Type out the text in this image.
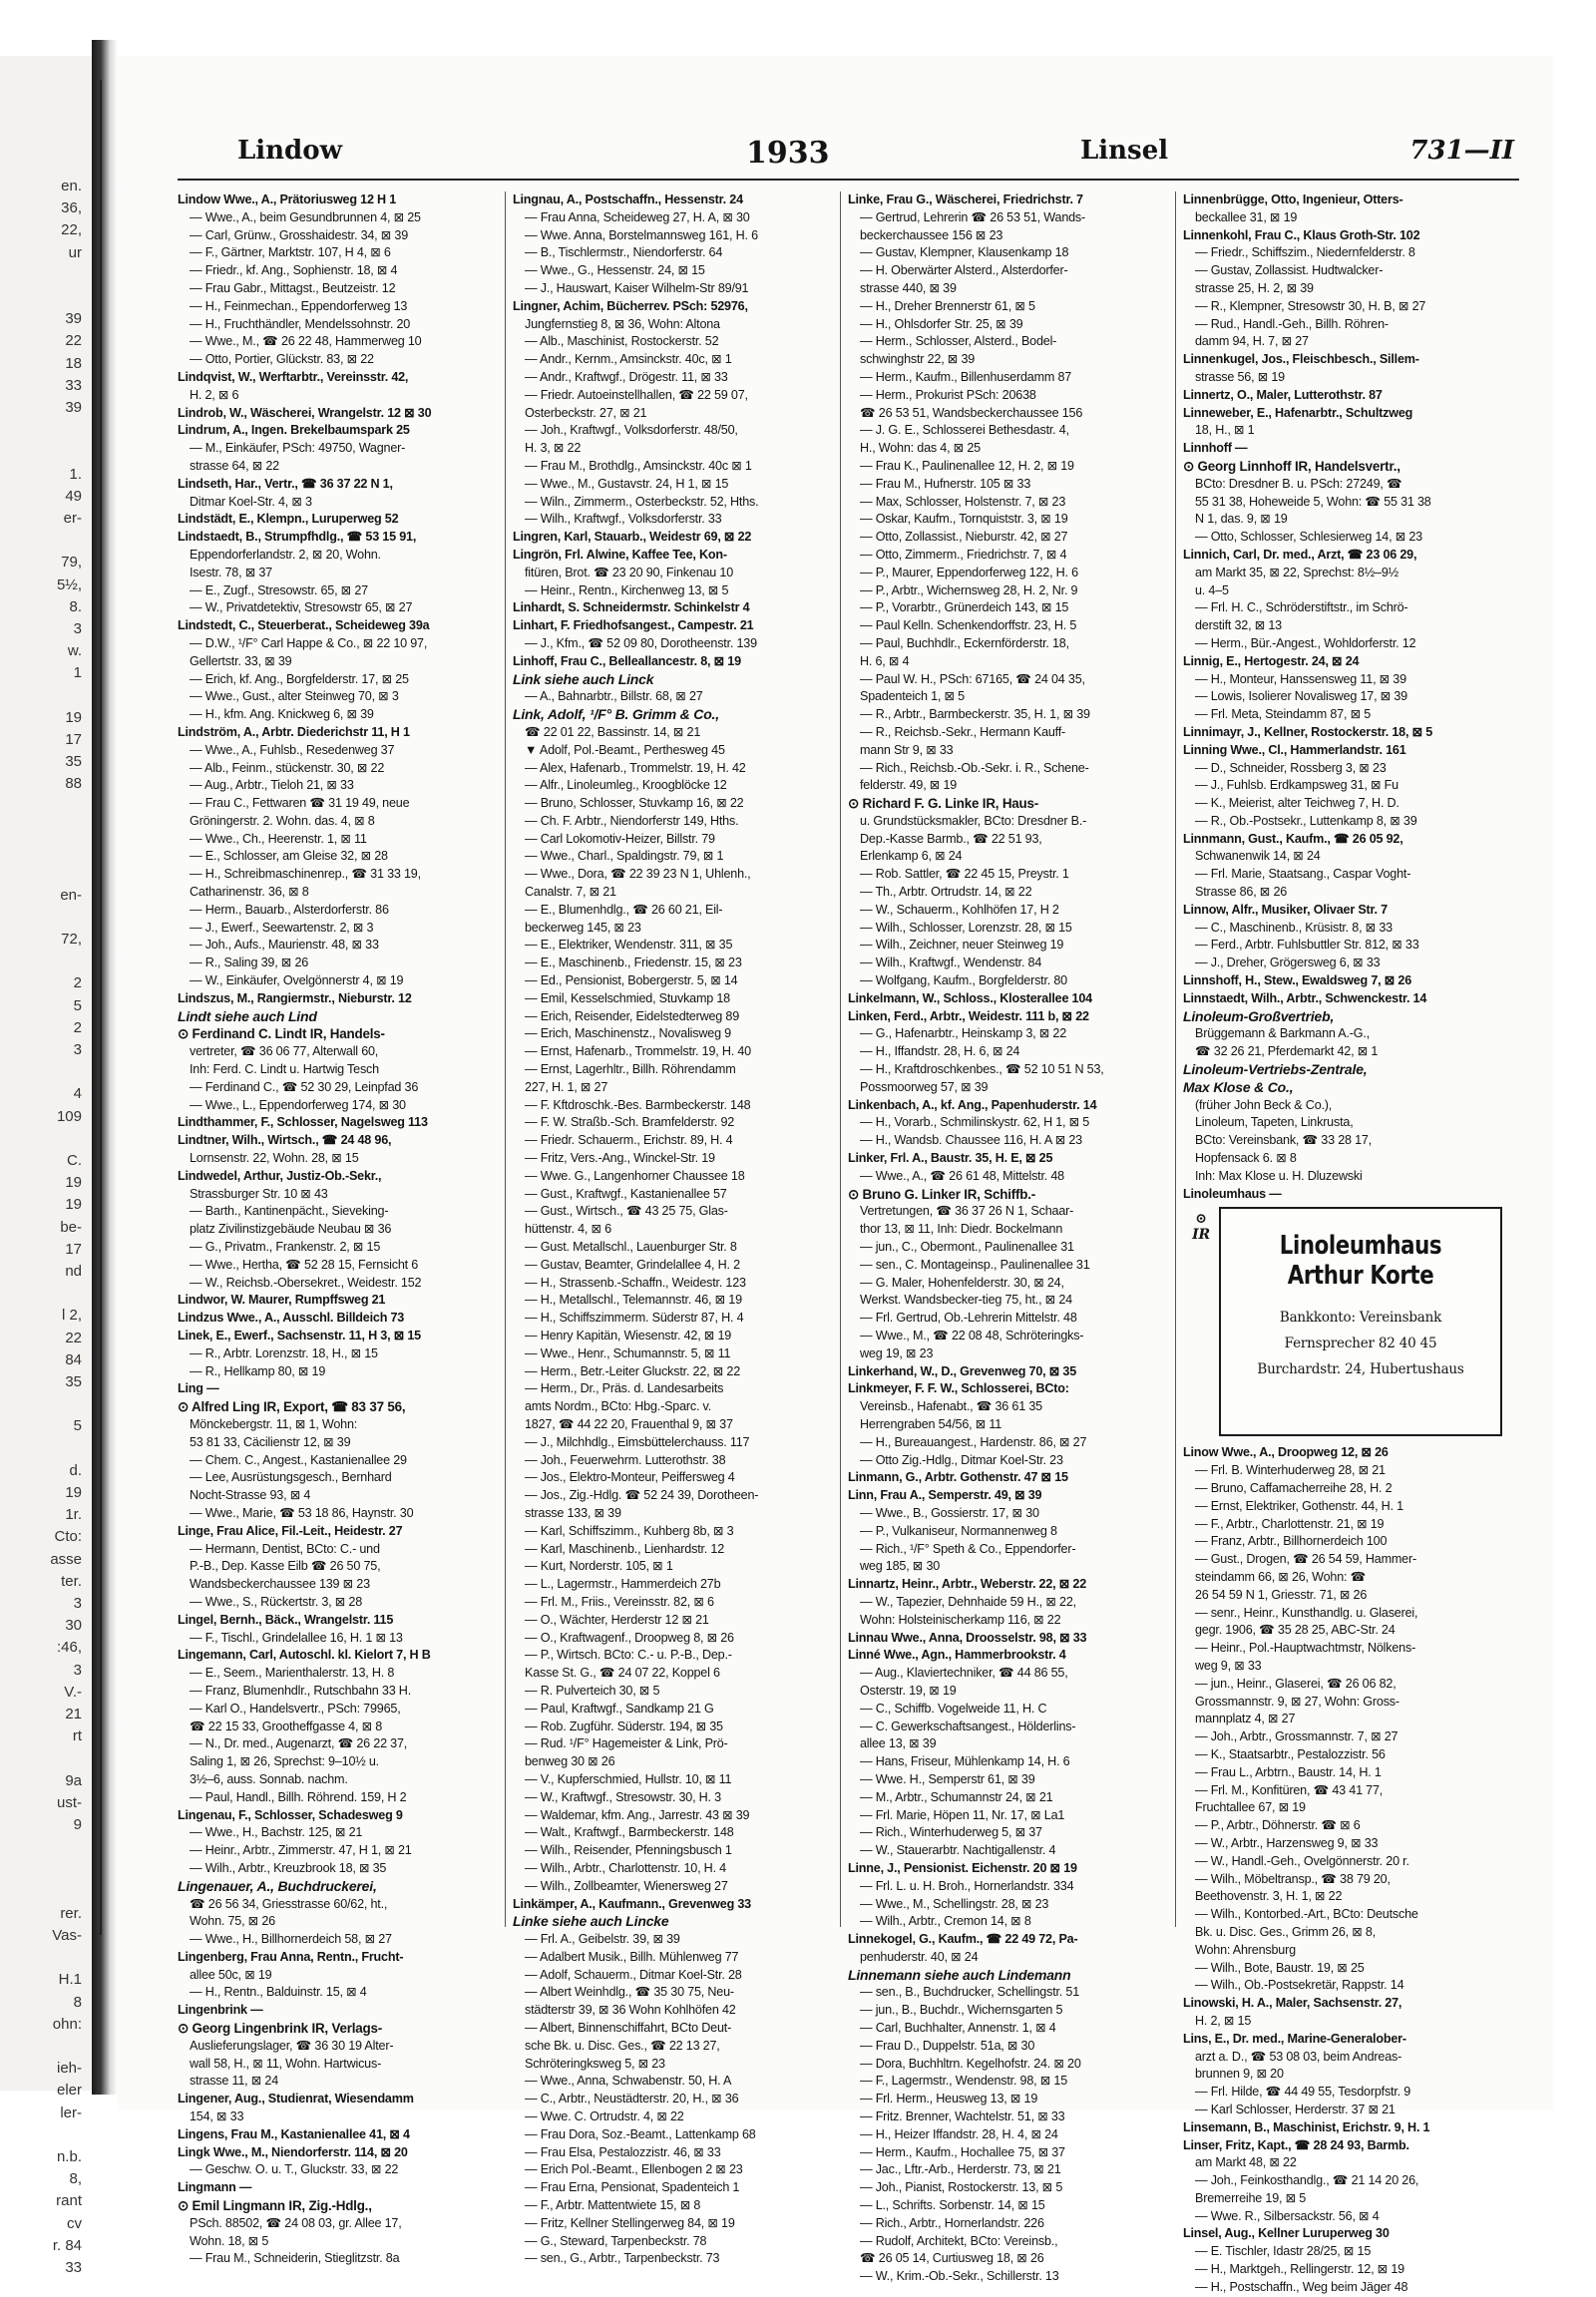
en.
36,
22,
ur

39
22
18
33
39

1.
49
er-

79,
5½,
8.
3
w.
1

19
17
35
88

en-

72,

2
5
2
3

4
109

C.
19
19
be-
17
nd

l 2,
22
84
35

5

d.
19
1r.
Cto:
asse
ter.
3
30
:46,
3
V.-
21
rt

9a
ust-
9

rer.
Vas-

H.1
8
ohn:

ieh-
eler
ler-

n.b.
8,
rant
cv
r. 84
33
Lindow	1933	Linsel	731—II
Lindow Wwe., A., Prätoriusweg 12 H 1
— Wwe., A., beim Gesundbrunnen 4, ⊠ 25
— Carl, Grünw., Grosshaidestr. 34, ⊠ 39
— F., Gärtner, Marktstr. 107, H 4, ⊠ 6
— Friedr., kf. Ang., Sophienstr. 18, ⊠ 4
— Frau Gabr., Mittagst., Beutzeistr. 12
— H., Feinmechan., Eppendorferweg 13
— H., Fruchthändler, Mendelssohnstr. 20
— Wwe., M., ☎ 26 22 48, Hammerweg 10
— Otto, Portier, Glückstr. 83, ⊠ 22
Lindqvist, W., Werftarbtr., Vereinsstr. 42,
H. 2, ⊠ 6
Lindrob, W., Wäscherei, Wrangelstr. 12 ⊠ 30
Lindrum, A., Ingen. Brekelbaumspark 25
— M., Einkäufer, PSch: 49750, Wagner-
strasse 64, ⊠ 22
Lindseth, Har., Vertr., ☎ 36 37 22 N 1,
Ditmar Koel-Str. 4, ⊠ 3
Lindstädt, E., Klempn., Luruperweg 52
Lindstaedt, B., Strumpfhdlg., ☎ 53 15 91,
Eppendorferlandstr. 2, ⊠ 20, Wohn.
Isestr. 78, ⊠ 37
— E., Zugf., Stresowstr. 65, ⊠ 27
— W., Privatdetektiv, Stresowstr 65, ⊠ 27
Lindstedt, C., Steuerberat., Scheideweg 39a
— D.W., ¹/F° Carl Happe & Co., ⊠ 22 10 97,
Gellertstr. 33, ⊠ 39
— Erich, kf. Ang., Borgfelderstr. 17, ⊠ 25
— Wwe., Gust., alter Steinweg 70, ⊠ 3
— H., kfm. Ang. Knickweg 6, ⊠ 39
Lindström, A., Arbtr. Diederichstr 11, H 1
— Wwe., A., Fuhlsb., Resedenweg 37
— Alb., Feinm., stückenstr. 30, ⊠ 22
— Aug., Arbtr., Tieloh 21, ⊠ 33
— Frau C., Fettwaren ☎ 31 19 49, neue
Gröningerstr. 2. Wohn. das. 4, ⊠ 8
— Wwe., Ch., Heerenstr. 1, ⊠ 11
— E., Schlosser, am Gleise 32, ⊠ 28
— H., Schreibmaschinenrep., ☎ 31 33 19,
Catharinenstr. 36, ⊠ 8
— Herm., Bauarb., Alsterdorferstr. 86
— J., Ewerf., Seewartenstr. 2, ⊠ 3
— Joh., Aufs., Maurienstr. 48, ⊠ 33
— R., Saling 39, ⊠ 26
— W., Einkäufer, Ovelgönnerstr 4, ⊠ 19
Lindszus, M., Rangiermstr., Nieburstr. 12
Lindt siehe auch Lind
⊙ Ferdinand C. Lindt IR, Handels-
vertreter, ☎ 36 06 77, Alterwall 60,
Inh: Ferd. C. Lindt u. Hartwig Tesch
— Ferdinand C., ☎ 52 30 29, Leinpfad 36
— Wwe., L., Eppendorferweg 174, ⊠ 30
Lindthammer, F., Schlosser, Nagelsweg 113
Lindtner, Wilh., Wirtsch., ☎ 24 48 96,
Lornsenstr. 22, Wohn. 28, ⊠ 15
Lindwedel, Arthur, Justiz-Ob.-Sekr.,
Strassburger Str. 10 ⊠ 43
— Barth., Kantinenpächt., Sieveking-
platz Zivilinstizgebäude Neubau ⊠ 36
— G., Privatm., Frankenstr. 2, ⊠ 15
— Wwe., Hertha, ☎ 52 28 15, Fernsicht 6
— W., Reichsb.-Obersekret., Weidestr. 152
Lindwor, W. Maurer, Rumpffsweg 21
Lindzus Wwe., A., Ausschl. Billdeich 73
Linek, E., Ewerf., Sachsenstr. 11, H 3, ⊠ 15
— R., Arbtr. Lorenzstr. 18, H., ⊠ 15
— R., Hellkamp 80, ⊠ 19
Ling —
⊙ Alfred Ling IR, Export, ☎ 83 37 56,
Mönckebergstr. 11, ⊠ 1, Wohn:
53 81 33, Cäcilienstr 12, ⊠ 39
— Chem. C., Angest., Kastanienallee 29
— Lee, Ausrüstungsgesch., Bernhard
Nocht-Strasse 93, ⊠ 4
— Wwe., Marie, ☎ 53 18 86, Haynstr. 30
Linge, Frau Alice, Fil.-Leit., Heidestr. 27
— Hermann, Dentist, BCto: C.- und
P.-B., Dep. Kasse Eilb ☎ 26 50 75,
Wandsbeckerchaussee 139 ⊠ 23
— Wwe., S., Rückertstr. 3, ⊠ 28
Lingel, Bernh., Bäck., Wrangelstr. 115
— F., Tischl., Grindelallee 16, H. 1 ⊠ 13
Lingemann, Carl, Autoschl. kl. Kielort 7, H B
— E., Seem., Marienthalerstr. 13, H. 8
— Franz, Blumenhdlr., Rutschbahn 33 H.
— Karl O., Handelsvertr., PSch: 79965,
☎ 22 15 33, Grootheffgasse 4, ⊠ 8
— N., Dr. med., Augenarzt, ☎ 26 22 37,
Saling 1, ⊠ 26, Sprechst: 9–10½ u.
3½–6, auss. Sonnab. nachm.
— Paul, Handl., Billh. Röhrend. 159, H 2
Lingenau, F., Schlosser, Schadesweg 9
— Wwe., H., Bachstr. 125, ⊠ 21
— Heinr., Arbtr., Zimmerstr. 47, H 1, ⊠ 21
— Wilh., Arbtr., Kreuzbrook 18, ⊠ 35
Lingenauer, A., Buchdruckerei,
☎ 26 56 34, Griesstrasse 60/62, ht.,
Wohn. 75, ⊠ 26
— Wwe., H., Billhornerdeich 58, ⊠ 27
Lingenberg, Frau Anna, Rentn., Frucht-
allee 50c, ⊠ 19
— H., Rentn., Balduinstr. 15, ⊠ 4
Lingenbrink —
⊙ Georg Lingenbrink IR, Verlags-
Auslieferungslager, ☎ 36 30 19 Alter-
wall 58, H., ⊠ 11, Wohn. Hartwicus-
strasse 11, ⊠ 24
Lingener, Aug., Studienrat, Wiesendamm
154, ⊠ 33
Lingens, Frau M., Kastanienallee 41, ⊠ 4
Lingk Wwe., M., Niendorferstr. 114, ⊠ 20
— Geschw. O. u. T., Gluckstr. 33, ⊠ 22
Lingmann —
⊙ Emil Lingmann IR, Zig.-Hdlg.,
PSch. 88502, ☎ 24 08 03, gr. Allee 17,
Wohn. 18, ⊠ 5
— Frau M., Schneiderin, Stieglitzstr. 8a
Lingnau, A., Postschaffn., Hessenstr. 24
— Frau Anna, Scheideweg 27, H. A, ⊠ 30
— Wwe. Anna, Borstelmannsweg 161, H. 6
— B., Tischlermstr., Niendorferstr. 64
— Wwe., G., Hessenstr. 24, ⊠ 15
— J., Hauswart, Kaiser Wilhelm-Str 89/91
Lingner, Achim, Bücherrev. PSch: 52976,
Jungfernstieg 8, ⊠ 36, Wohn: Altona
— Alb., Maschinist, Rostockerstr. 52
— Andr., Kernm., Amsinckstr. 40c, ⊠ 1
— Andr., Kraftwgf., Drögestr. 11, ⊠ 33
— Friedr. Autoeinstellhallen, ☎ 22 59 07,
Osterbeckstr. 27, ⊠ 21
— Joh., Kraftwgf., Volksdorferstr. 48/50,
H. 3, ⊠ 22
— Frau M., Brothdlg., Amsinckstr. 40c ⊠ 1
— Wwe., M., Gustavstr. 24, H 1, ⊠ 15
— Wiln., Zimmerm., Osterbeckstr. 52, Hths.
— Wilh., Kraftwgf., Volksdorferstr. 33
Lingren, Karl, Stauarb., Weidestr 69, ⊠ 22
Lingrön, Frl. Alwine, Kaffee Tee, Kon-
fitüren, Brot. ☎ 23 20 90, Finkenau 10
— Heinr., Rentn., Kirchenweg 13, ⊠ 5
Linhardt, S. Schneidermstr. Schinkelstr 4
Linhart, F. Friedhofsangest., Campestr. 21
— J., Kfm., ☎ 52 09 80, Dorotheenstr. 139
Linhoff, Frau C., Belleallancestr. 8, ⊠ 19
Link siehe auch Linck
— A., Bahnarbtr., Billstr. 68, ⊠ 27
Link, Adolf, ¹/F° B. Grimm & Co.,
☎ 22 01 22, Bassinstr. 14, ⊠ 21
▼ Adolf, Pol.-Beamt., Perthesweg 45
— Alex, Hafenarb., Trommelstr. 19, H. 42
— Alfr., Linoleumleg., Kroogblöcke 12
— Bruno, Schlosser, Stuvkamp 16, ⊠ 22
— Ch. F. Arbtr., Niendorferstr 149, Hths.
— Carl Lokomotiv-Heizer, Billstr. 79
— Wwe., Charl., Spaldingstr. 79, ⊠ 1
— Wwe., Dora, ☎ 22 39 23 N 1, Uhlenh.,
Canalstr. 7, ⊠ 21
— E., Blumenhdlg., ☎ 26 60 21, Eil-
beckerweg 145, ⊠ 23
— E., Elektriker, Wendenstr. 311, ⊠ 35
— E., Maschinenb., Friedenstr. 15, ⊠ 23
— Ed., Pensionist, Bobergerstr. 5, ⊠ 14
— Emil, Kesselschmied, Stuvkamp 18
— Erich, Reisender, Eidelstedterweg 89
— Erich, Maschinenstz., Novalisweg 9
— Ernst, Hafenarb., Trommelstr. 19, H. 40
— Ernst, Lagerhltr., Billh. Röhrendamm
227, H. 1, ⊠ 27
— F. Kftdroschk.-Bes. Barmbeckerstr. 148
— F. W. Straßb.-Sch. Bramfelderstr. 92
— Friedr. Schauerm., Erichstr. 89, H. 4
— Fritz, Vers.-Ang., Winckel-Str. 19
— Wwe. G., Langenhorner Chaussee 18
— Gust., Kraftwgf., Kastanienallee 57
— Gust., Wirtsch., ☎ 43 25 75, Glas-
hüttenstr. 4, ⊠ 6
— Gust. Metallschl., Lauenburger Str. 8
— Gustav, Beamter, Grindelallee 4, H. 2
— H., Strassenb.-Schaffn., Weidestr. 123
— H., Metallschl., Telemannstr. 46, ⊠ 19
— H., Schiffszimmerm. Süderstr 87, H. 4
— Henry Kapitän, Wiesenstr. 42, ⊠ 19
— Wwe., Henr., Schumannstr. 5, ⊠ 11
— Herm., Betr.-Leiter Gluckstr. 22, ⊠ 22
— Herm., Dr., Präs. d. Landesarbeits
amts Nordm., BCto: Hbg.-Sparc. v.
1827, ☎ 44 22 20, Frauenthal 9, ⊠ 37
— J., Milchhdlg., Eimsbüttelerchauss. 117
— Joh., Feuerwehrm. Lutterothstr. 38
— Jos., Elektro-Monteur, Peiffersweg 4
— Jos., Zig.-Hdlg. ☎ 52 24 39, Dorotheen-
strasse 133, ⊠ 39
— Karl, Schiffszimm., Kuhberg 8b, ⊠ 3
— Karl, Maschinenb., Lienhardstr. 12
— Kurt, Norderstr. 105, ⊠ 1
— L., Lagermstr., Hammerdeich 27b
— Frl. M., Friis., Vereinsstr. 82, ⊠ 6
— O., Wächter, Herderstr 12 ⊠ 21
— O., Kraftwagenf., Droopweg 8, ⊠ 26
— P., Wirtsch. BCto: C.- u. P.-B., Dep.-
Kasse St. G., ☎ 24 07 22, Koppel 6
— R. Pulverteich 30, ⊠ 5
— Paul, Kraftwgf., Sandkamp 21 G
— Rob. Zugführ. Süderstr. 194, ⊠ 35
— Rud. ¹/F° Hagemeister & Link, Prö-
benweg 30 ⊠ 26
— V., Kupferschmied, Hullstr. 10, ⊠ 11
— W., Kraftwgf., Stresowstr. 30, H. 3
— Waldemar, kfm. Ang., Jarrestr. 43 ⊠ 39
— Walt., Kraftwgf., Barmbeckerstr. 148
— Wilh., Reisender, Pfenningsbusch 1
— Wilh., Arbtr., Charlottenstr. 10, H. 4
— Wilh., Zollbeamter, Wienersweg 27
Linkämper, A., Kaufmann., Grevenweg 33
Linke siehe auch Lincke
— Frl. A., Geibelstr. 39, ⊠ 39
— Adalbert Musik., Billh. Mühlenweg 77
— Adolf, Schauerm., Ditmar Koel-Str. 28
— Albert Weinhdlg., ☎ 35 30 75, Neu-
städterstr 39, ⊠ 36 Wohn Kohlhöfen 42
— Albert, Binnenschiffahrt, BCto Deut-
sche Bk. u. Disc. Ges., ☎ 22 13 27,
Schröteringksweg 5, ⊠ 23
— Wwe., Anna, Schwabenstr. 50, H. A
— C., Arbtr., Neustädterstr. 20, H., ⊠ 36
— Wwe. C. Ortrudstr. 4, ⊠ 22
— Frau Dora, Soz.-Beamt., Lattenkamp 68
— Frau Elsa, Pestalozzistr. 46, ⊠ 33
— Erich Pol.-Beamt., Ellenbogen 2 ⊠ 23
— Frau Erna, Pensionat, Spadenteich 1
— F., Arbtr. Mattentwiete 15, ⊠ 8
— Fritz, Kellner Stellingerweg 84, ⊠ 19
— G., Steward, Tarpenbeckstr. 78
— sen., G., Arbtr., Tarpenbeckstr. 73
Linke, Frau G., Wäscherei, Friedrichstr. 7
— Gertrud, Lehrerin ☎ 26 53 51, Wands-
beckerchaussee 156 ⊠ 23
— Gustav, Klempner, Klausenkamp 18
— H. Oberwärter Alsterd., Alsterdorfer-
strasse 440, ⊠ 39
— H., Dreher Brennerstr 61, ⊠ 5
— H., Ohlsdorfer Str. 25, ⊠ 39
— Herm., Schlosser, Alsterd., Bodel-
schwinghstr 22, ⊠ 39
— Herm., Kaufm., Billenhuserdamm 87
— Herm., Prokurist PSch: 20638
☎ 26 53 51, Wandsbeckerchaussee 156
— J. G. E., Schlosserei Bethesdastr. 4,
H., Wohn: das 4, ⊠ 25
— Frau K., Paulinenallee 12, H. 2, ⊠ 19
— Frau M., Hufnerstr. 105 ⊠ 33
— Max, Schlosser, Holstenstr. 7, ⊠ 23
— Oskar, Kaufm., Tornquiststr. 3, ⊠ 19
— Otto, Zollassist., Nieburstr. 42, ⊠ 27
— Otto, Zimmerm., Friedrichstr. 7, ⊠ 4
— P., Maurer, Eppendorferweg 122, H. 6
— P., Arbtr., Wichernsweg 28, H. 2, Nr. 9
— P., Vorarbtr., Grünerdeich 143, ⊠ 15
— Paul Kelln. Schenkendorffstr. 23, H. 5
— Paul, Buchhdlr., Eckernförderstr. 18,
H. 6, ⊠ 4
— Paul W. H., PSch: 67165, ☎ 24 04 35,
Spadenteich 1, ⊠ 5
— R., Arbtr., Barmbeckerstr. 35, H. 1, ⊠ 39
— R., Reichsb.-Sekr., Hermann Kauff-
mann Str 9, ⊠ 33
— Rich., Reichsb.-Ob.-Sekr. i. R., Schene-
felderstr. 49, ⊠ 19
⊙ Richard F. G. Linke IR, Haus-
u. Grundstücksmakler, BCto: Dresdner B.-
Dep.-Kasse Barmb., ☎ 22 51 93,
Erlenkamp 6, ⊠ 24
— Rob. Sattler, ☎ 22 45 15, Preystr. 1
— Th., Arbtr. Ortrudstr. 14, ⊠ 22
— W., Schauerm., Kohlhöfen 17, H 2
— Wilh., Schlosser, Lorenzstr. 28, ⊠ 15
— Wilh., Zeichner, neuer Steinweg 19
— Wilh., Kraftwgf., Wendenstr. 84
— Wolfgang, Kaufm., Borgfelderstr. 80
Linkelmann, W., Schloss., Klosterallee 104
Linken, Ferd., Arbtr., Weidestr. 111 b, ⊠ 22
— G., Hafenarbtr., Heinskamp 3, ⊠ 22
— H., Iffandstr. 28, H. 6, ⊠ 24
— H., Kraftdroschkenbes., ☎ 52 10 51 N 53,
Possmoorweg 57, ⊠ 39
Linkenbach, A., kf. Ang., Papenhuderstr. 14
— H., Vorarb., Schmilinskystr. 62, H 1, ⊠ 5
— H., Wandsb. Chaussee 116, H. A ⊠ 23
Linker, Frl. A., Baustr. 35, H. E, ⊠ 25
— Wwe., A., ☎ 26 61 48, Mittelstr. 48
⊙ Bruno G. Linker IR, Schiffb.-
Vertretungen, ☎ 36 37 26 N 1, Schaar-
thor 13, ⊠ 11, Inh: Diedr. Bockelmann
— jun., C., Obermont., Paulinenallee 31
— sen., C. Montageinsp., Paulinenallee 31
— G. Maler, Hohenfelderstr. 30, ⊠ 24,
Werkst. Wandsbecker-tieg 75, ht., ⊠ 24
— Frl. Gertrud, Ob.-Lehrerin Mittelstr. 48
— Wwe., M., ☎ 22 08 48, Schröteringks-
weg 19, ⊠ 23
Linkerhand, W., D., Grevenweg 70, ⊠ 35
Linkmeyer, F. F. W., Schlosserei, BCto:
Vereinsb., Hafenabt., ☎ 36 61 35
Herrengraben 54/56, ⊠ 11
— H., Bureauangest., Hardenstr. 86, ⊠ 27
— Otto Zig.-Hdlg., Ditmar Koel-Str. 23
Linmann, G., Arbtr. Gothenstr. 47 ⊠ 15
Linn, Frau A., Semperstr. 49, ⊠ 39
— Wwe., B., Gossierstr. 17, ⊠ 30
— P., Vulkaniseur, Normannenweg 8
— Rich., ¹/F° Speth & Co., Eppendorfer-
weg 185, ⊠ 30
Linnartz, Heinr., Arbtr., Weberstr. 22, ⊠ 22
— W., Tapezier, Dehnhaide 59 H., ⊠ 22,
Wohn: Holsteinischerkamp 116, ⊠ 22
Linnau Wwe., Anna, Droosselstr. 98, ⊠ 33
Linné Wwe., Agn., Hammerbrookstr. 4
— Aug., Klaviertechniker, ☎ 44 86 55,
Osterstr. 19, ⊠ 19
— C., Schiffb. Vogelweide 11, H. C
— C. Gewerkschaftsangest., Hölderlins-
allee 13, ⊠ 39
— Hans, Friseur, Mühlenkamp 14, H. 6
— Wwe. H., Semperstr 61, ⊠ 39
— M., Arbtr., Schumannstr 24, ⊠ 21
— Frl. Marie, Höpen 11, Nr. 17, ⊠ La1
— Rich., Winterhuderweg 5, ⊠ 37
— W., Stauerarbtr. Nachtigallenstr. 4
Linne, J., Pensionist. Eichenstr. 20 ⊠ 19
— Frl. L. u. H. Broh., Hornerlandstr. 334
— Wwe., M., Schellingstr. 28, ⊠ 23
— Wilh., Arbtr., Cremon 14, ⊠ 8
Linnekogel, G., Kaufm., ☎ 22 49 72, Pa-
penhuderstr. 40, ⊠ 24
Linnemann siehe auch Lindemann
— sen., B., Buchdrucker, Schellingstr. 51
— jun., B., Buchdr., Wichernsgarten 5
— Carl, Buchhalter, Annenstr. 1, ⊠ 4
— Frau D., Duppelstr. 51a, ⊠ 30
— Dora, Buchhltrn. Kegelhofstr. 24. ⊠ 20
— F., Lagermstr., Wendenstr. 98, ⊠ 15
— Frl. Herm., Heusweg 13, ⊠ 19
— Fritz. Brenner, Wachtelstr. 51, ⊠ 33
— H., Heizer Iffandstr. 28, H. 4, ⊠ 24
— Herm., Kaufm., Hochallee 75, ⊠ 37
— Jac., Lftr.-Arb., Herderstr. 73, ⊠ 21
— Joh., Pianist, Rostockerstr. 13, ⊠ 5
— L., Schrifts. Sorbenstr. 14, ⊠ 15
— Rich., Arbtr., Hornerlandstr. 226
— Rudolf, Architekt, BCto: Vereinsb.,
☎ 26 05 14, Curtiusweg 18, ⊠ 26
— W., Krim.-Ob.-Sekr., Schillerstr. 13
Linnenbrügge, Otto, Ingenieur, Otters-
beckallee 31, ⊠ 19
Linnenkohl, Frau C., Klaus Groth-Str. 102
— Friedr., Schiffszim., Niedernfelderstr. 8
— Gustav, Zollassist. Hudtwalcker-
strasse 25, H. 2, ⊠ 39
— R., Klempner, Stresowstr 30, H. B, ⊠ 27
— Rud., Handl.-Geh., Billh. Röhren-
damm 94, H. 7, ⊠ 27
Linnenkugel, Jos., Fleischbesch., Sillem-
strasse 56, ⊠ 19
Linnertz, O., Maler, Lutterothstr. 87
Linneweber, E., Hafenarbtr., Schultzweg
18, H., ⊠ 1
Linnhoff —
⊙ Georg Linnhoff IR, Handelsvertr.,
BCto: Dresdner B. u. PSch: 27249, ☎
55 31 38, Hoheweide 5, Wohn: ☎ 55 31 38
N 1, das. 9, ⊠ 19
— Otto, Schlosser, Schlesierweg 14, ⊠ 23
Linnich, Carl, Dr. med., Arzt, ☎ 23 06 29,
am Markt 35, ⊠ 22, Sprechst: 8½–9½
u. 4–5
— Frl. H. C., Schröderstiftstr., im Schrö-
derstift 32, ⊠ 13
— Herm., Bür.-Angest., Wohldorferstr. 12
Linnig, E., Hertogestr. 24, ⊠ 24
— H., Monteur, Hanssensweg 11, ⊠ 39
— Lowis, Isolierer Novalisweg 17, ⊠ 39
— Frl. Meta, Steindamm 87, ⊠ 5
Linnimayr, J., Kellner, Rostockerstr. 18, ⊠ 5
Linning Wwe., Cl., Hammerlandstr. 161
— D., Schneider, Rossberg 3, ⊠ 23
— J., Fuhlsb. Erdkampsweg 31, ⊠ Fu
— K., Meierist, alter Teichweg 7, H. D.
— R., Ob.-Postsekr., Luttenkamp 8, ⊠ 39
Linnmann, Gust., Kaufm., ☎ 26 05 92,
Schwanenwik 14, ⊠ 24
— Frl. Marie, Staatsang., Caspar Voght-
Strasse 86, ⊠ 26
Linnow, Alfr., Musiker, Olivaer Str. 7
— C., Maschinenb., Krüsistr. 8, ⊠ 33
— Ferd., Arbtr. Fuhlsbuttler Str. 812, ⊠ 33
— J., Dreher, Grögersweg 6, ⊠ 33
Linnshoff, H., Stew., Ewaldsweg 7, ⊠ 26
Linnstaedt, Wilh., Arbtr., Schwenckestr. 14
Linoleum-Großvertrieb,
Brüggemann & Barkmann A.-G.,
☎ 32 26 21, Pferdemarkt 42, ⊠ 1
Linoleum-Vertriebs-Zentrale,
Max Klose & Co.,
(früher John Beck & Co.),
Linoleum, Tapeten, Linkrusta,
BCto: Vereinsbank, ☎ 33 28 17,
Hopfensack 6. ⊠ 8
Inh: Max Klose u. H. Dluzewski
Linoleumhaus —
⊙ IR	Linoleumhaus
Arthur Korte
Bankkonto: Vereinsbank
Fernsprecher 82 40 45
Burchardstr. 24, Hubertushaus
Linow Wwe., A., Droopweg 12, ⊠ 26
— Frl. B. Winterhuderweg 28, ⊠ 21
— Bruno, Caffamacherreihe 28, H. 2
— Ernst, Elektriker, Gothenstr. 44, H. 1
— F., Arbtr., Charlottenstr. 21, ⊠ 19
— Franz, Arbtr., Billhornerdeich 100
— Gust., Drogen, ☎ 26 54 59, Hammer-
steindamm 66, ⊠ 26, Wohn: ☎
26 54 59 N 1, Griesstr. 71, ⊠ 26
— senr., Heinr., Kunsthandlg. u. Glaserei,
gegr. 1906, ☎ 35 28 25, ABC-Str. 24
— Heinr., Pol.-Hauptwachtmstr, Nölkens-
weg 9, ⊠ 33
— jun., Heinr., Glaserei, ☎ 26 06 82,
Grossmannstr. 9, ⊠ 27, Wohn: Gross-
mannplatz 4, ⊠ 27
— Joh., Arbtr., Grossmannstr. 7, ⊠ 27
— K., Staatsarbtr., Pestalozzistr. 56
— Frau L., Arbtrn., Baustr. 14, H. 1
— Frl. M., Konfitüren, ☎ 43 41 77,
Fruchtallee 67, ⊠ 19
— P., Arbtr., Döhnerstr. ☎ ⊠ 6
— W., Arbtr., Harzensweg 9, ⊠ 33
— W., Handl.-Geh., Ovelgönnerstr. 20 r.
— Wilh., Möbeltransp., ☎ 38 79 20,
Beethovenstr. 3, H. 1, ⊠ 22
— Wilh., Kontorbed.-Art., BCto: Deutsche
Bk. u. Disc. Ges., Grimm 26, ⊠ 8,
Wohn: Ahrensburg
— Wilh., Bote, Baustr. 19, ⊠ 25
— Wilh., Ob.-Postsekretär, Rappstr. 14
Linowski, H. A., Maler, Sachsenstr. 27,
H. 2, ⊠ 15
Lins, E., Dr. med., Marine-Generalober-
arzt a. D., ☎ 53 08 03, beim Andreas-
brunnen 9, ⊠ 20
— Frl. Hilde, ☎ 44 49 55, Tesdorpfstr. 9
— Karl Schlosser, Herderstr. 37 ⊠ 21
Linsemann, B., Maschinist, Erichstr. 9, H. 1
Linser, Fritz, Kapt., ☎ 28 24 93, Barmb.
am Markt 48, ⊠ 22
— Joh., Feinkosthandlg., ☎ 21 14 20 26,
Bremerreihe 19, ⊠ 5
— Wwe. R., Silbersackstr. 56, ⊠ 4
Linsel, Aug., Kellner Luruperweg 30
— E. Tischler, Idastr 28/25, ⊠ 15
— H., Marktgeh., Rellingerstr. 12, ⊠ 19
— H., Postschaffn., Weg beim Jäger 48
